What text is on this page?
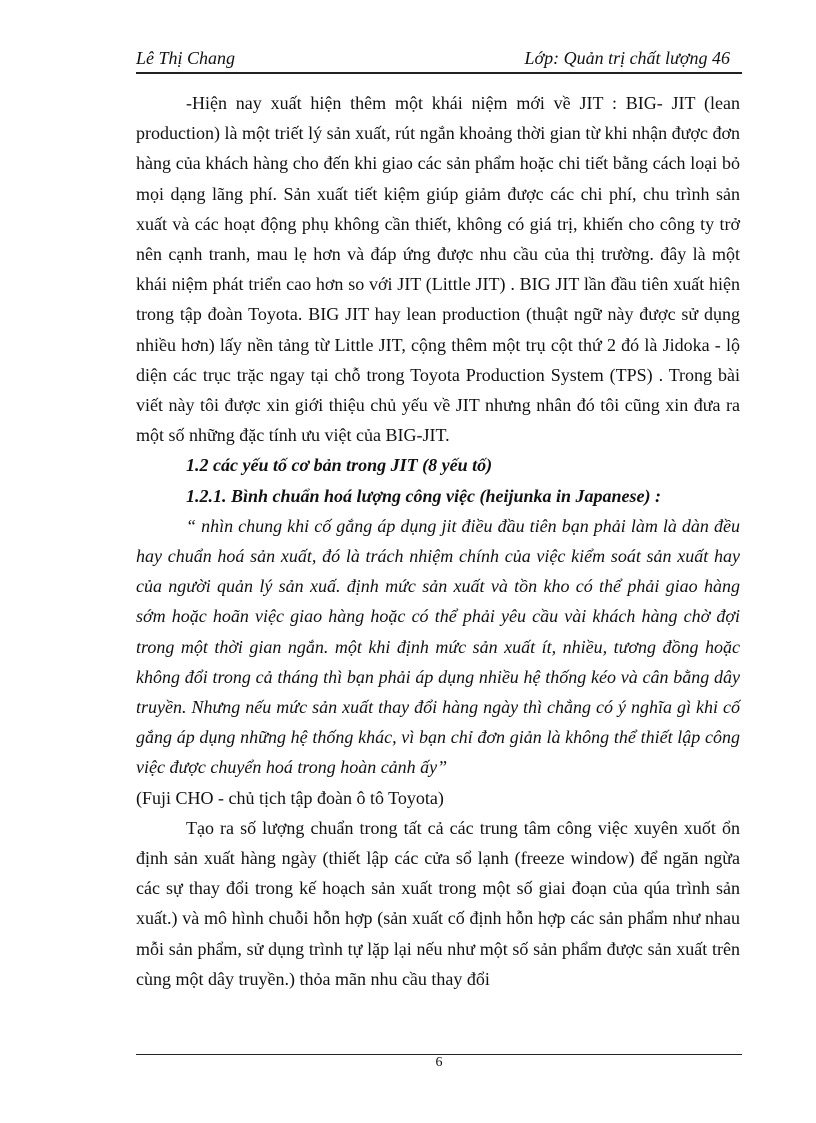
Lê Thị Chang	Lớp: Quản trị chất lượng 46

-Hiện nay xuất hiện thêm một khái niệm mới về JIT : BIG- JIT (lean production) là một triết lý sản xuất, rút ngắn khoảng thời gian từ khi nhận được đơn hàng của khách hàng cho đến khi giao các sản phẩm hoặc chi tiết bằng cách loại bỏ mọi dạng lãng phí. Sản xuất tiết kiệm giúp giảm được các chi phí, chu trình sản xuất và các hoạt động phụ không cần thiết, không có giá trị, khiến cho công ty trở nên cạnh tranh, mau lẹ hơn và đáp ứng được nhu cầu của thị trường. đây là một khái niệm phát triển cao hơn so với JIT (Little JIT) . BIG JIT lần đầu tiên xuất hiện trong tập đoàn Toyota. BIG JIT hay lean production (thuật ngữ này được sử dụng nhiều hơn) lấy nền tảng từ Little JIT, cộng thêm một trụ cột thứ 2 đó là Jidoka - lộ diện các trục trặc ngay tại chỗ trong Toyota Production System (TPS) . Trong bài viết này tôi được xin giới thiệu chủ yếu về JIT nhưng nhân đó tôi cũng xin đưa ra một số những đặc tính ưu việt của BIG-JIT.

1.2 các yếu tố cơ bản trong JIT (8 yếu tố)

1.2.1. Bình chuẩn hoá lượng công việc (heijunka in Japanese) :

“ nhìn chung khi cố gắng áp dụng jit điều đầu tiên bạn phải làm là dàn đều hay chuẩn hoá sản xuất, đó là trách nhiệm chính của việc kiểm soát sản xuất hay của người quản lý sản xuấ. định mức sản xuất và tồn kho có thể phải giao hàng sớm hoặc hoãn việc giao hàng hoặc có thể phải yêu cầu vài khách hàng chờ đợi trong một thời gian ngắn. một khi định mức sản xuất ít, nhiều, tương đồng hoặc không đổi trong cả tháng thì bạn phải áp dụng nhiều hệ thống kéo và cân bằng dây truyền. Nhưng nếu mức sản xuất thay đổi hàng ngày thì chẳng có ý nghĩa gì khi cố gắng áp dụng những hệ thống khác, vì bạn chỉ đơn giản là không thể thiết lập công việc được chuyển hoá trong hoàn cảnh ấy”

(Fuji CHO - chủ tịch tập đoàn ô tô Toyota)

Tạo ra số lượng chuẩn trong tất cả các trung tâm công việc xuyên xuốt ổn định sản xuất hàng ngày (thiết lập các cửa sổ lạnh (freeze window) để ngăn ngừa các sự thay đổi trong kế hoạch sản xuất trong một số giai đoạn của qúa trình sản xuất.) và mô hình chuỗi hỗn hợp (sản xuất cố định hỗn hợp các sản phẩm như nhau mỗi sản phẩm, sử dụng trình tự lặp lại nếu như một số sản phẩm được sản xuất trên cùng một dây truyền.) thỏa mãn nhu cầu thay đổi

6
